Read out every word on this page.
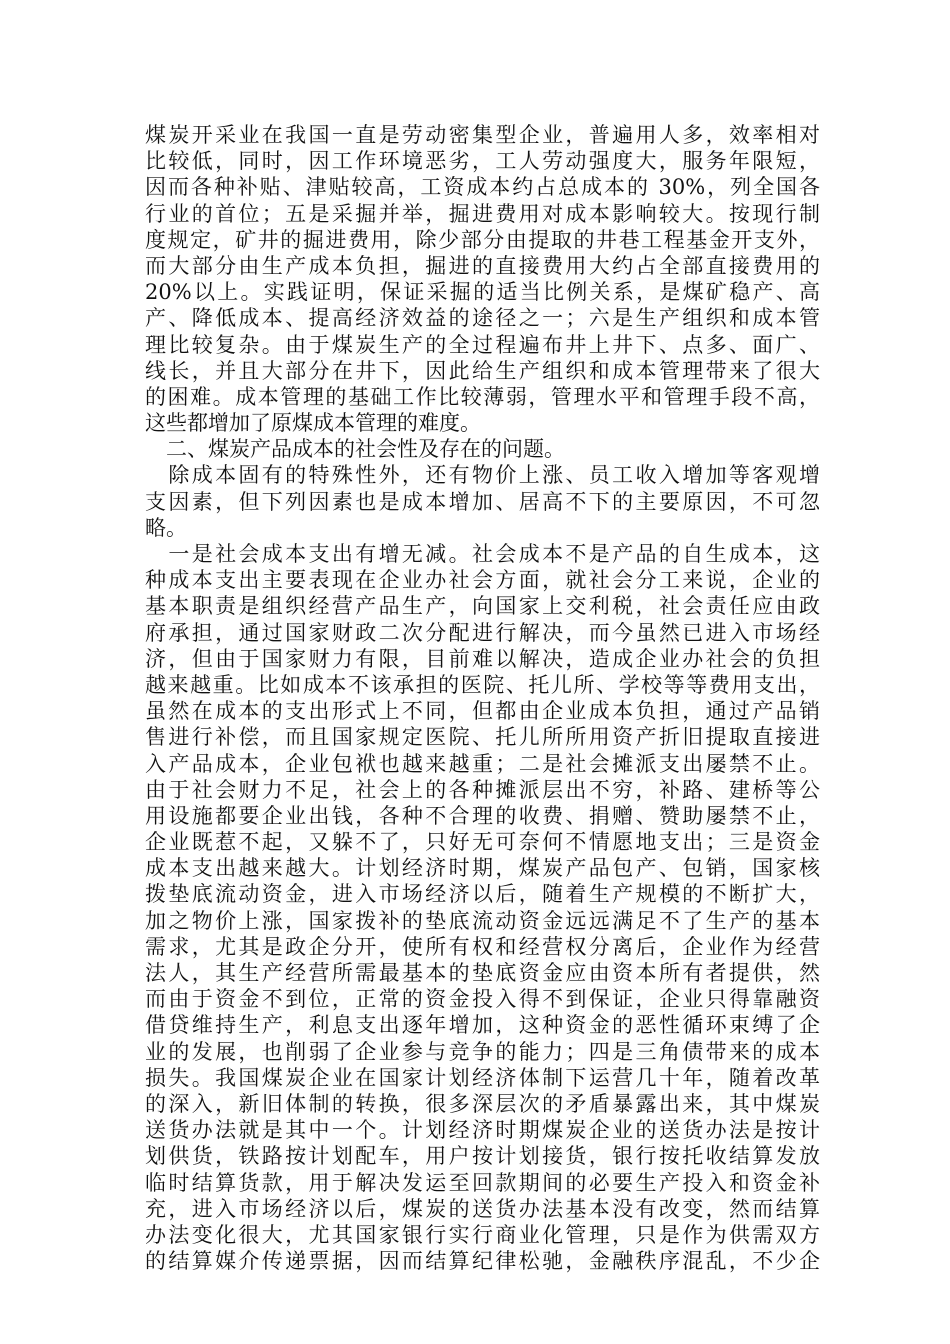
煤炭开采业在我国一直是劳动密集型企业，普遍用人多，效率相对
比较低，同时，因工作环境恶劣，工人劳动强度大，服务年限短，
因而各种补贴、津贴较高，工资成本约占总成本的 30%，列全国各
行业的首位；五是采掘并举，掘进费用对成本影响较大。按现行制
度规定，矿井的掘进费用，除少部分由提取的井巷工程基金开支外，
而大部分由生产成本负担，掘进的直接费用大约占全部直接费用的
20%以上。实践证明，保证采掘的适当比例关系，是煤矿稳产、高
产、降低成本、提高经济效益的途径之一；六是生产组织和成本管
理比较复杂。由于煤炭生产的全过程遍布井上井下、点多、面广、
线长，并且大部分在井下，因此给生产组织和成本管理带来了很大
的困难。成本管理的基础工作比较薄弱，管理水平和管理手段不高，
这些都增加了原煤成本管理的难度。
　二、煤炭产品成本的社会性及存在的问题。
　除成本固有的特殊性外，还有物价上涨、员工收入增加等客观增
支因素，但下列因素也是成本增加、居高不下的主要原因，不可忽
略。
　一是社会成本支出有增无减。社会成本不是产品的自生成本，这
种成本支出主要表现在企业办社会方面，就社会分工来说，企业的
基本职责是组织经营产品生产，向国家上交利税，社会责任应由政
府承担，通过国家财政二次分配进行解决，而今虽然已进入市场经
济，但由于国家财力有限，目前难以解决，造成企业办社会的负担
越来越重。比如成本不该承担的医院、托儿所、学校等等费用支出，
虽然在成本的支出形式上不同，但都由企业成本负担，通过产品销
售进行补偿，而且国家规定医院、托儿所所用资产折旧提取直接进
入产品成本，企业包袱也越来越重；二是社会摊派支出屡禁不止。
由于社会财力不足，社会上的各种摊派层出不穷，补路、建桥等公
用设施都要企业出钱，各种不合理的收费、捐赠、赞助屡禁不止，
企业既惹不起，又躲不了，只好无可奈何不情愿地支出；三是资金
成本支出越来越大。计划经济时期，煤炭产品包产、包销，国家核
拨垫底流动资金，进入市场经济以后，随着生产规模的不断扩大，
加之物价上涨，国家拨补的垫底流动资金远远满足不了生产的基本
需求，尤其是政企分开，使所有权和经营权分离后，企业作为经营
法人，其生产经营所需最基本的垫底资金应由资本所有者提供，然
而由于资金不到位，正常的资金投入得不到保证，企业只得靠融资
借贷维持生产，利息支出逐年增加，这种资金的恶性循环束缚了企
业的发展，也削弱了企业参与竞争的能力；四是三角债带来的成本
损失。我国煤炭企业在国家计划经济体制下运营几十年，随着改革
的深入，新旧体制的转换，很多深层次的矛盾暴露出来，其中煤炭
送货办法就是其中一个。计划经济时期煤炭企业的送货办法是按计
划供货，铁路按计划配车，用户按计划接货，银行按托收结算发放
临时结算货款，用于解决发运至回款期间的必要生产投入和资金补
充，进入市场经济以后，煤炭的送货办法基本没有改变，然而结算
办法变化很大，尤其国家银行实行商业化管理，只是作为供需双方
的结算媒介传递票据，因而结算纪律松驰，金融秩序混乱，不少企
